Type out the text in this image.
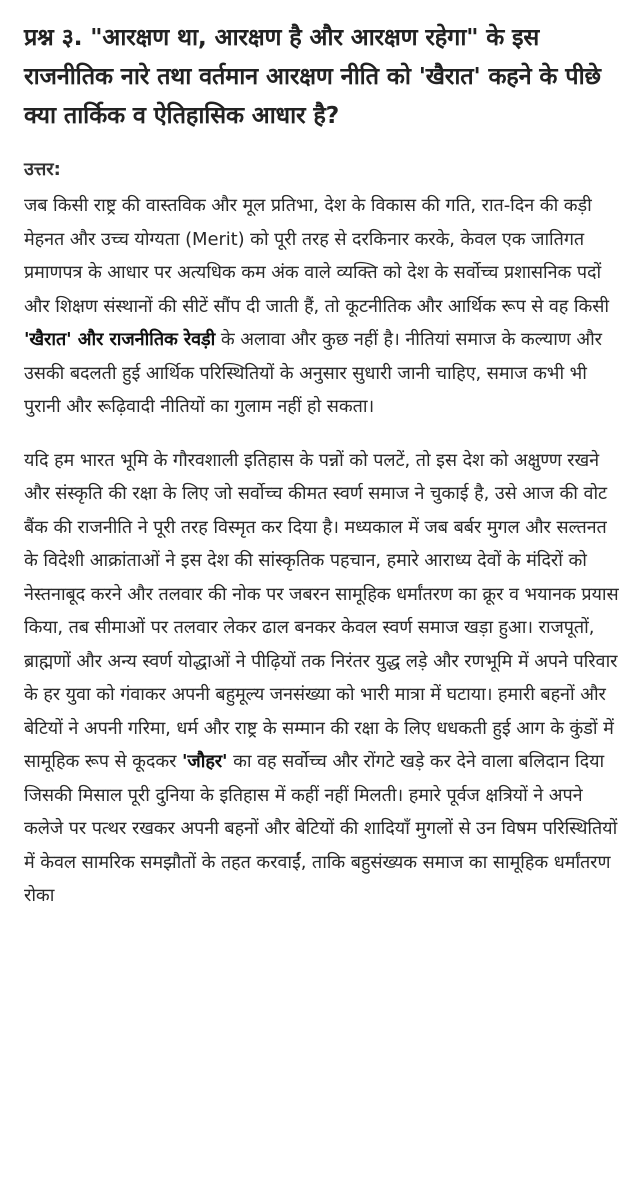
प्रश्न ३. "आरक्षण था, आरक्षण है और आरक्षण रहेगा" के इस राजनीतिक नारे तथा वर्तमान आरक्षण नीति को 'खैरात' कहने के पीछे क्या तार्किक व ऐतिहासिक आधार है?
उत्तर:

जब किसी राष्ट्र की वास्तविक और मूल प्रतिभा, देश के विकास की गति, रात-दिन की कड़ी मेहनत और उच्च योग्यता (Merit) को पूरी तरह से दरकिनार करके, केवल एक जातिगत प्रमाणपत्र के आधार पर अत्यधिक कम अंक वाले व्यक्ति को देश के सर्वोच्च प्रशासनिक पदों और शिक्षण संस्थानों की सीटें सौंप दी जाती हैं, तो कूटनीतिक और आर्थिक रूप से वह किसी 'खैरात' और राजनीतिक रेवड़ी के अलावा और कुछ नहीं है। नीतियां समाज के कल्याण और उसकी बदलती हुई आर्थिक परिस्थितियों के अनुसार सुधारी जानी चाहिए, समाज कभी भी पुरानी और रूढ़िवादी नीतियों का गुलाम नहीं हो सकता।

यदि हम भारत भूमि के गौरवशाली इतिहास के पन्नों को पलटें, तो इस देश को अक्षुण्ण रखने और संस्कृति की रक्षा के लिए जो सर्वोच्च कीमत स्वर्ण समाज ने चुकाई है, उसे आज की वोट बैंक की राजनीति ने पूरी तरह विस्मृत कर दिया है। मध्यकाल में जब बर्बर मुगल और सल्तनत के विदेशी आक्रांताओं ने इस देश की सांस्कृतिक पहचान, हमारे आराध्य देवों के मंदिरों को नेस्तनाबूद करने और तलवार की नोक पर जबरन सामूहिक धर्मांतरण का क्रूर व भयानक प्रयास किया, तब सीमाओं पर तलवार लेकर ढाल बनकर केवल स्वर्ण समाज खड़ा हुआ। राजपूतों, ब्राह्मणों और अन्य स्वर्ण योद्धाओं ने पीढ़ियों तक निरंतर युद्ध लड़े और रणभूमि में अपने परिवार के हर युवा को गंवाकर अपनी बहुमूल्य जनसंख्या को भारी मात्रा में घटाया। हमारी बहनों और बेटियों ने अपनी गरिमा, धर्म और राष्ट्र के सम्मान की रक्षा के लिए धधकती हुई आग के कुंडों में सामूहिक रूप से कूदकर 'जौहर' का वह सर्वोच्च और रोंगटे खड़े कर देने वाला बलिदान दिया जिसकी मिसाल पूरी दुनिया के इतिहास में कहीं नहीं मिलती। हमारे पूर्वज क्षत्रियों ने अपने कलेजे पर पत्थर रखकर अपनी बहनों और बेटियों की शादियाँ मुगलों से उन विषम परिस्थितियों में केवल सामरिक समझौतों के तहत करवाईं, ताकि बहुसंख्यक समाज का सामूहिक धर्मांतरण रोका
